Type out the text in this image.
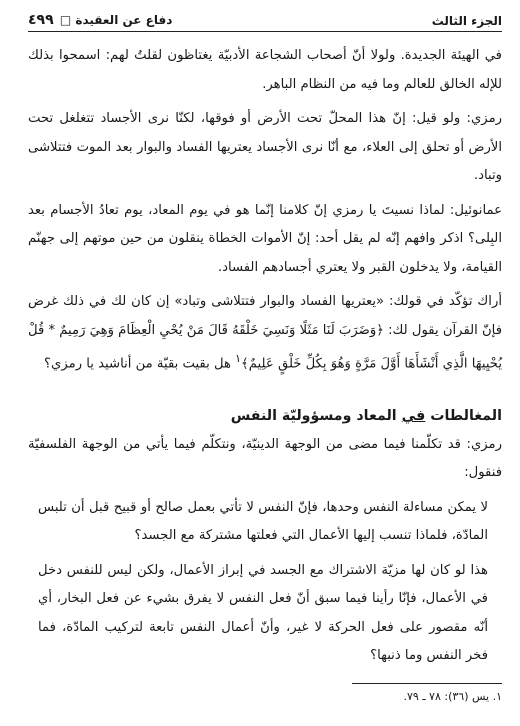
الجزء الثالث
دفاع عن العقيدة □ ٤٩٩

في الهيئة الجديدة. ولولا أنّ أصحاب الشجاعة الأدبيّة يغتاظون لقلتُ لهم: اسمحوا بذلك للإله الخالق للعالم وما فيه من النظام الباهر.

رمزي: ولو قيل: إنّ هذا المحلّ تحت الأرض أو فوقها، لكنّا نرى الأجساد تتغلغل تحت الأرض أو تحلق إلى العلاء، مع أنّا نرى الأجساد يعتريها الفساد والبوار بعد الموت فتتلاشى وتباد.

عمانوئيل: لماذا نسيتَ يا رمزي إنّ كلامنا إنّما هو في يوم المعاد، يوم تعادُ الأجسام بعد البِلى؟ اذكر وافهم إنّه لم يقل أحد: إنّ الأموات الخطاة ينقلون من حين موتهم إلى جهنّم القيامة، ولا يدخلون القبر ولا يعتري أجسادهم الفساد.

أراك تؤكّد في قولك: «يعتريها الفساد والبوار فتتلاشى وتباد» إن كان لك في ذلك غرض فإنّ القرآن يقول لك: ﴿وَضَرَبَ لَنَا مَثَلًا وَنَسِيَ خَلْقَهُ قَالَ مَنْ يُحْيِ الْعِظَامَ وَهِيَ رَمِيمٌ * قُلْ يُحْيِيهَا الَّذِي أَنْشَأَهَا أَوَّلَ مَرَّةٍ وَهُوَ بِكُلِّ خَلْقٍ عَلِيمٌ﴾$^١$ هل بقيت بقيّة من أناشيد يا رمزي؟

المغالطات في المعاد ومسؤوليّة النفس

رمزي: قد تكلّمنا فيما مضى من الوجهة الدينيّة، ونتكلّم فيما يأتي من الوجهة الفلسفيّة فنقول:

لا يمكن مساءلة النفس وحدها، فإنّ النفس لا تأتي بعمل صالح أو قبيح قبل أن تلبس المادّة، فلماذا تنسب إليها الأعمال التي فعلتها مشتركة مع الجسد؟

هذا لو كان لها مزيّة الاشتراك مع الجسد في إبراز الأعمال، ولكن ليس للنفس دخل في الأعمال، فإنّا رأينا فيما سبق أنّ فعل النفس لا يفرق بشيء عن فعل البخار، أي أنّه مقصور على فعل الحركة لا غير، وأنّ أعمال النفس تابعة لتركيب المادّة، فما فخر النفس وما ذنبها؟

١. يس (٣٦): ٧٨ ـ ٧٩.
